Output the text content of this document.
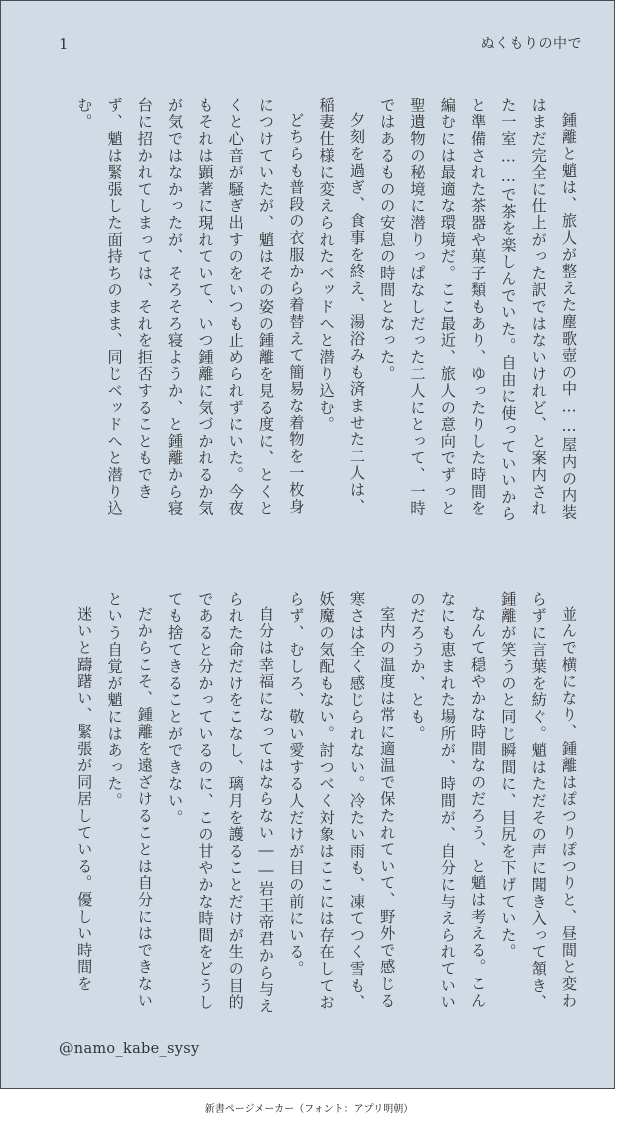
1	ぬくもりの中で

鍾離と魈は、旅人が整えた塵歌壺の中……屋内の内装はまだ完全に仕上がった訳ではないけれど、と案内された一室……で茶を楽しんでいた。自由に使っていいからと準備された茶器や菓子類もあり、ゆったりした時間を編むには最適な環境だ。ここ最近、旅人の意向でずっと聖遺物の秘境に潜りっぱなしだった二人にとって、一時ではあるものの安息の時間となった。

夕刻を過ぎ、食事を終え、湯浴みも済ませた二人は、稲妻仕様に変えられたベッドへと潜り込む。

どちらも普段の衣服から着替えて簡易な着物を一枚身につけていたが、魈はその姿の鍾離を見る度に、とくとくと心音が騒ぎ出すのをいつも止められずにいた。今夜もそれは顕著に現れていて、いつ鍾離に気づかれるか気が気ではなかったが、そろそろ寝ようか、と鍾離から寝台に招かれてしまっては、それを拒否することもできず、魈は緊張した面持ちのまま、同じベッドへと潜り込む。

並んで横になり、鍾離はぽつりぽつりと、昼間と変わらずに言葉を紡ぐ。魈はただその声に聞き入って頷き、鍾離が笑うのと同じ瞬間に、目尻を下げていた。

なんて穏やかな時間なのだろう、と魈は考える。こんなにも恵まれた場所が、時間が、自分に与えられていいのだろうか、とも。

室内の温度は常に適温で保たれていて、野外で感じる寒さは全く感じられない。冷たい雨も、凍てつく雪も、妖魔の気配もない。討つべく対象はここには存在しておらず、むしろ、敬い愛する人だけが目の前にいる。

自分は幸福になってはならない――岩王帝君から与えられた命だけをこなし、璃月を護ることだけが生の目的であると分かっているのに、この甘やかな時間をどうしても捨てきることができない。

だからこそ、鍾離を遠ざけることは自分にはできないという自覚が魈にはあった。

迷いと躊躇い、緊張が同居している。優しい時間を

@namo_kabe_sysy
新書ページメーカー（フォント：アプリ明朝）
